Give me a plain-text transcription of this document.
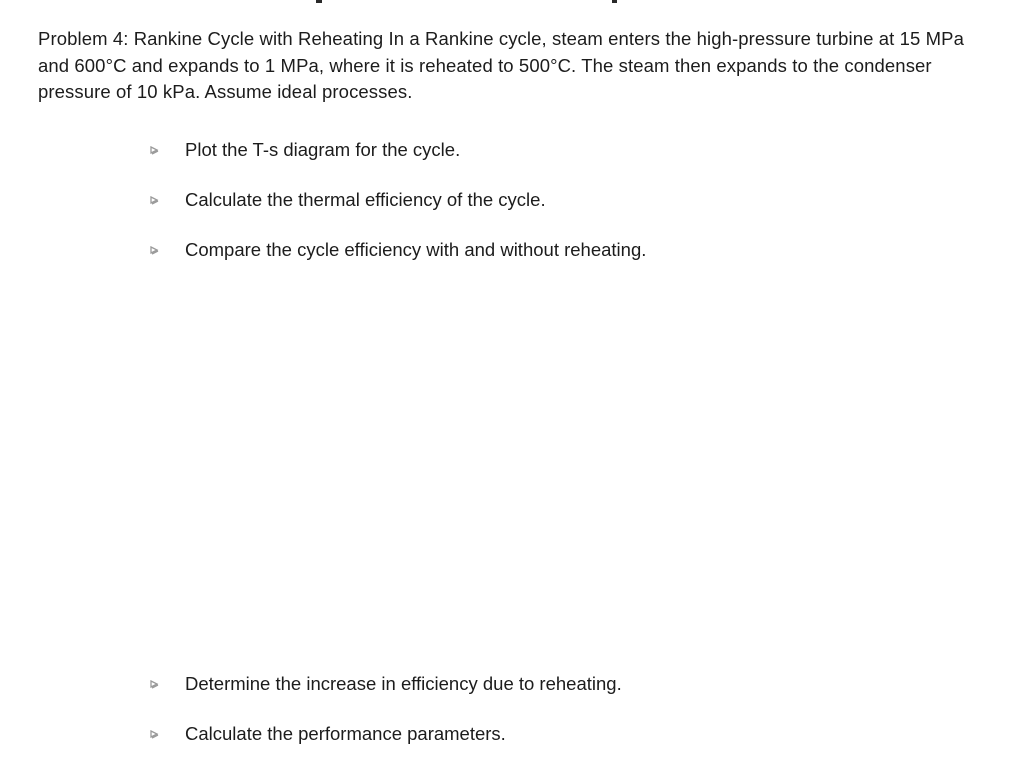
Problem 4: Rankine Cycle with Reheating In a Rankine cycle, steam enters the high-pressure turbine at 15 MPa and 600°C and expands to 1 MPa, where it is reheated to 500°C. The steam then expands to the condenser pressure of 10 kPa. Assume ideal processes.
Plot the T-s diagram for the cycle.
Calculate the thermal efficiency of the cycle.
Compare the cycle efficiency with and without reheating.
Determine the increase in efficiency due to reheating.
Calculate the performance parameters.
